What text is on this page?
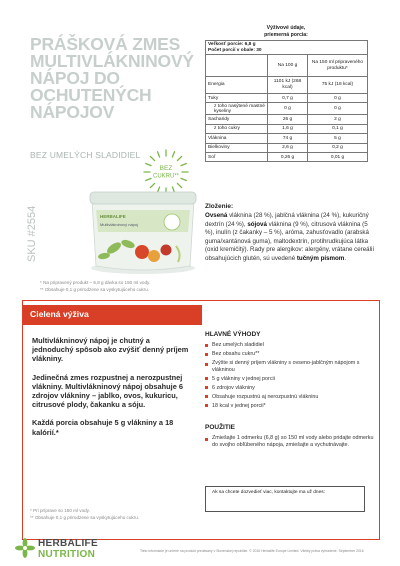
PRÁŠKOVÁ ZMES MULTIVLÁKNINOVÝ NÁPOJ DO OCHUTENÝCH NÁPOJOV
BEZ UMELÝCH SLADIDIEL
BEZ
CUKRU**
SKU #2554	HERBALIFE
Multivlákninový nápoj
* Na pripravený produkt – 6,8 g dávka so 150 ml vody.
** Obsahuje 0,1 g prirodzene sa vyskytujúceho cukru.
Výživové údaje,
priemerná porcia:
Veľkosť porcie: 6,8 g
Počet porcií v obale: 30		

	Na 100 g	Na 150 ml pripraveného produktu*
Energia	1101 kJ (268 kcal)	75 kJ (18 kcal)
Tuky	0,7 g	0 g
z toho nasýtené mastné kyseliny	0 g	0 g
Sacharidy	26 g	2 g
z toho cukry	1,6 g	0,1 g
Vláknina	74 g	5 g
Bielkoviny	2,6 g	0,2 g
Soľ	0,26 g	0,01 g
Zloženie:
Ovsená vláknina (28 %), jablčná vláknina (24 %), kukuričný dextrín (24 %), sójová vláknina (9 %), citrusová vláknina (5 %), inulín (z čakanky – 5 %), aróma, zahusťovadlo (arabská guma/xantánová guma), maltodextrín, protihrudkujúca látka (oxid kremičitý). Rady pre alergikov: alergény, vrátane cereálií obsahujúcich glutén, sú uvedené tučným písmom.
Cielená výživa

Multivlákninový nápoj je chutný a jednoduchý spôsob ako zvýšiť denný príjem vlákniny.

Jedinečná zmes rozpustnej a nerozpustnej vlákniny. Multivlákninový nápoj obsahuje 6 zdrojov vlákniny – jablko, ovos, kukuricu, citrusové plody, čakanku a sóju.

Každá porcia obsahuje 5 g vlákniny a 18 kalórií.*

* Pri príprave so 150 ml vody.
** Obsahuje 0,1 g prirodzene sa vyskytujúceho cukru.
HLAVNÉ VÝHODY
Bez umelých sladidiel
Bez obsahu cukru**
Zvýšte si denný príjem vlákniny s ovseno-jablčným nápojom s vlákninou
5 g vlákniny v jednej porcii
6 zdrojov vlákniny
Obsahuje rozpustnú aj nerozpustnú vlákninu
18 kcal v jednej porcii*
POUŽITIE
Zmiešajte 1 odmerku (6,8 g) so 150 ml vody alebo pridajte odmerku do svojho obľúbeného nápoja, zmiešajte a vychutnávajte.
Ak sa chcete dozvedieť viac, kontaktujte ma už dnes:
HERBALIFE
NUTRITION	Tieto informácie je určené na produkt predávaný v Slovenskej republike. © 2016 Herbalife Europe Limited. Všetky práva vyhradené. September 2016
